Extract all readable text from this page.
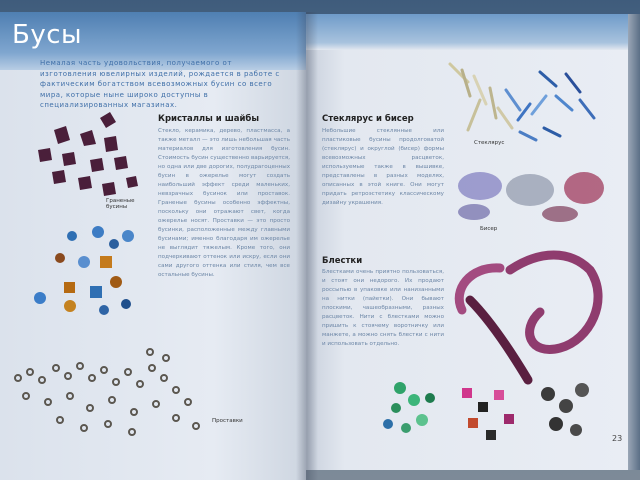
Бусы
Немалая часть удовольствия, получаемого от изготовления ювелирных изделий, рождается в работе с фактическим богатством всевозможных бусин со всего мира, которые ныне широко доступны в специализированных магазинах.
Кристаллы и шайбы
Стекло, керамика, дерево, пластмасса, а также металл — это лишь небольшая часть материалов для изготовления бусин. Стоимость бусин существенно варьируется, но одна или две дорогих, полудрагоценных бусин в ожерелье могут создать наибольший эффект среди маленьких, невзрачных бусинок или проставок. Граненые бусины особенно эффектны, поскольку они отражают свет, когда ожерелье носят. Проставки — это просто бусинки, расположенные между главными бусинами; именно благодаря им ожерелье не выглядит тяжелым. Кроме того, они подчеркивают оттенок или искру, если они сами другого оттенка или стиля, чем все остальные бусины.
Стеклярус и бисер
Небольшие стеклянные или пластиковые бусины продолговатой (стеклярус) и округлой (бисер) формы всевозможных расцветок, используемые также в вышивке, представлены в разных моделях, описанных в этой книге. Они могут придать ретроэстетику классическому дизайну украшения.
Блестки
Блестками очень приятно пользоваться, и стоят они недорого. Их продают россыпью в упаковке или нанизанными на нитки (пайетки). Они бывают плоскими, чашеобразными, разных расцветок. Нити с блестками можно пришить к стоячему воротничку или манжете, а можно снять блестки с нити и использовать отдельно.
Граненые бусины
Проставки
Стеклярус
Бисер
23
